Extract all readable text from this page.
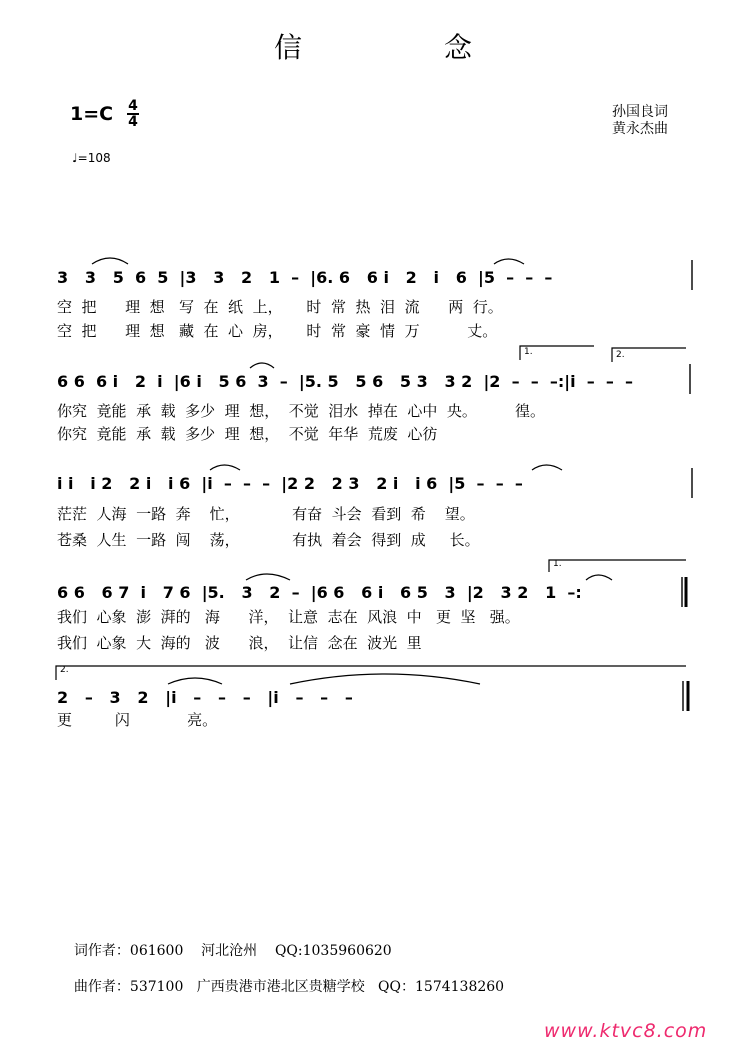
信	念
1=C 4
4
孙国良词
黄永杰曲
♩=108
3   3   5  6  5  |3   3   2   1  –  |6. 6   6 i   2   i   6  |5  –  –  –
空  把      理  想   写  在  纸  上，     时  常  热  泪  流      两  行。
空  把      理  想   藏  在  心  房，     时  常  豪  情  万          丈。
6 6  6 i   2  i  |6 i   5 6  3  –  |5. 5   5 6   5 3   3 2  |2  –  –  –:|i  –  –  –
你究  竟能  承  载  多少  理  想，  不觉  泪水  掉在  心中  央。        徨。
你究  竟能  承  载  多少  理  想，  不觉  年华  荒废  心彷
1.	2.
i i   i 2   2 i   i 6  |i  –  –  –  |2 2   2 3   2 i   i 6  |5  –  –  –
茫茫  人海  一路  奔    忙，           有奋  斗会  看到  希    望。
苍桑  人生  一路  闯    荡，           有执  着会  得到  成     长。
6 6   6 7  i   7 6  |5.   3   2  –  |6 6   6 i   6 5   3  |2   3 2   1  –:
我们  心象  澎  湃的   海      洋，  让意  志在  风浪  中   更  坚   强。
我们  心象  大  海的   波      浪，  让信  念在  波光  里
1.
2   –   3   2   |i   –   –   –   |i   –   –   –
更         闪            亮。
2.

词作者：061600    河北沧州    QQ:1035960620

曲作者：537100   广西贵港市港北区贵糖学校   QQ：1574138260

www.ktvc8.com
